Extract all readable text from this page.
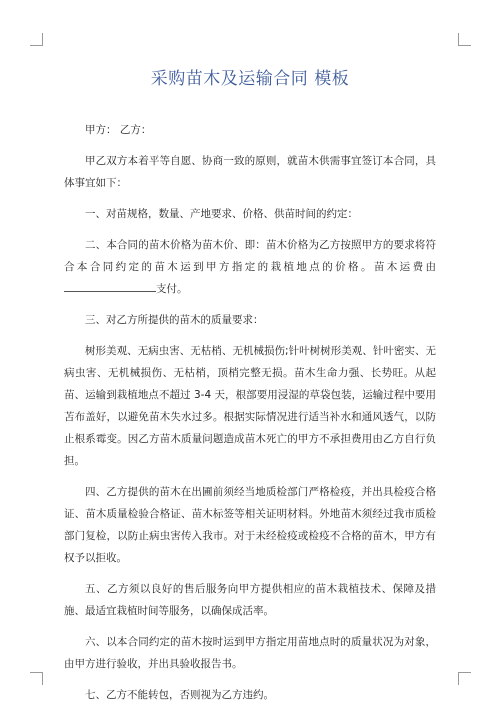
采购苗木及运输合同 模板

甲方： 乙方：

甲乙双方本着平等自愿、协商一致的原则，就苗木供需事宜签订本合同，具体事宜如下：

一、对苗规格，数量、产地要求、价格、供苗时间的约定：

二、本合同的苗木价格为苗木价、即：苗木价格为乙方按照甲方的要求将符合本合同约定的苗木运到甲方指定的栽植地点的价格。苗木运费由支付。

三、对乙方所提供的苗木的质量要求：

树形美观、无病虫害、无枯梢、无机械损伤;针叶树树形美观、针叶密实、无病虫害、无机械损伤、无枯梢，顶梢完整无损。苗木生命力强、长势旺。从起苗、运输到栽植地点不超过 3-4 天，根部要用浸湿的草袋包装，运输过程中要用苫布盖好，以避免苗木失水过多。根据实际情况进行适当补水和通风透气，以防止根系霉变。因乙方苗木质量问题造成苗木死亡的甲方不承担费用由乙方自行负担。

四、乙方提供的苗木在出圃前须经当地质检部门严格检疫，并出具检疫合格证、苗木质量检验合格证、苗木标签等相关证明材料。外地苗木须经过我市质检部门复检，以防止病虫害传入我市。对于未经检疫或检疫不合格的苗木，甲方有权予以拒收。

五、乙方须以良好的售后服务向甲方提供相应的苗木栽植技术、保障及措施、最适宜栽植时间等服务，以确保成活率。

六、以本合同约定的苗木按时运到甲方指定用苗地点时的质量状况为对象，由甲方进行验收，并出具验收报告书。

七、乙方不能转包，否则视为乙方违约。
